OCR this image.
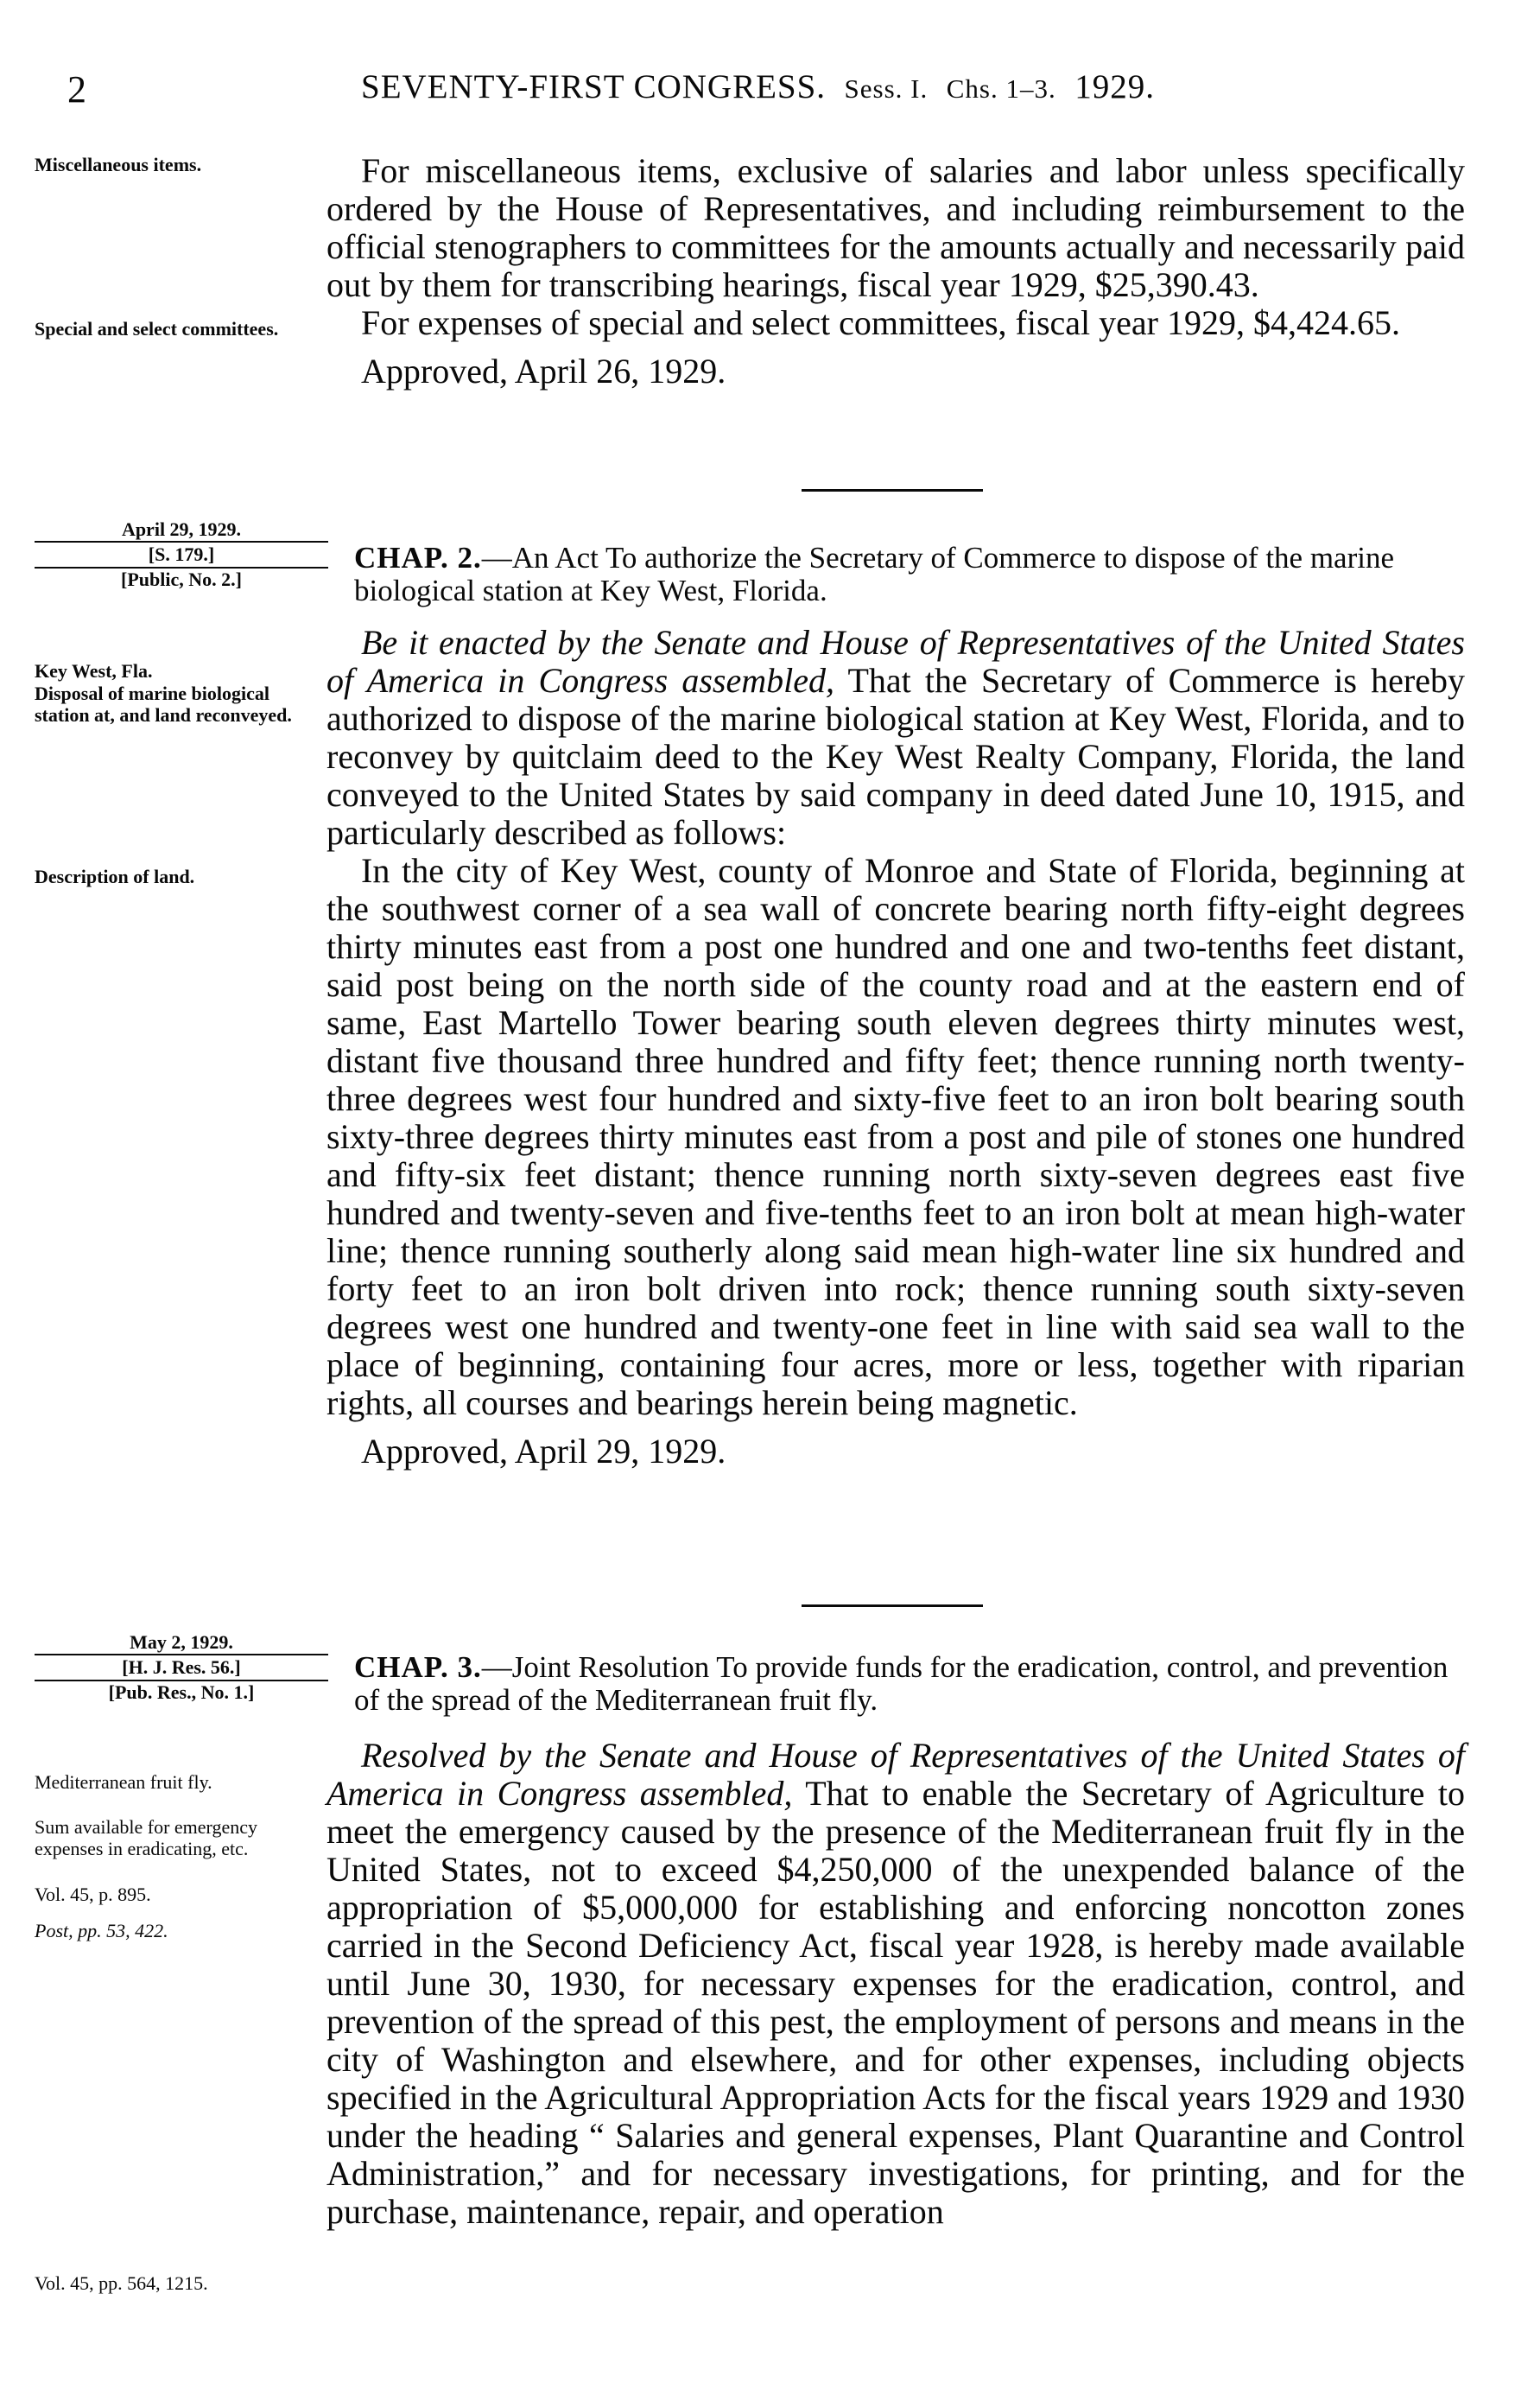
2	SEVENTY-FIRST CONGRESS. Sess. I. Chs. 1–3. 1929.
Miscellaneous items.
Special and select committees.

For miscellaneous items, exclusive of salaries and labor unless specifically ordered by the House of Representatives, and including reimbursement to the official stenographers to committees for the amounts actually and necessarily paid out by them for transcribing hearings, fiscal year 1929, $25,390.43.

For expenses of special and select committees, fiscal year 1929, $4,424.65.

Approved, April 26, 1929.

April 29, 1929.

[S. 179.]
[Public, No. 2.]

CHAP. 2.—An Act To authorize the Secretary of Commerce to dispose of the marine biological station at Key West, Florida.

Key West, Fla.
Disposal of marine biological station at, and land reconveyed.
Description of land.

Be it enacted by the Senate and House of Representatives of the United States of America in Congress assembled, That the Secretary of Commerce is hereby authorized to dispose of the marine biological station at Key West, Florida, and to reconvey by quitclaim deed to the Key West Realty Company, Florida, the land conveyed to the United States by said company in deed dated June 10, 1915, and particularly described as follows:

In the city of Key West, county of Monroe and State of Florida, beginning at the southwest corner of a sea wall of concrete bearing north fifty-eight degrees thirty minutes east from a post one hundred and one and two-tenths feet distant, said post being on the north side of the county road and at the eastern end of same, East Martello Tower bearing south eleven degrees thirty minutes west, distant five thousand three hundred and fifty feet; thence running north twenty-three degrees west four hundred and sixty-five feet to an iron bolt bearing south sixty-three degrees thirty minutes east from a post and pile of stones one hundred and fifty-six feet distant; thence running north sixty-seven degrees east five hundred and twenty-seven and five-tenths feet to an iron bolt at mean high-water line; thence running southerly along said mean high-water line six hundred and forty feet to an iron bolt driven into rock; thence running south sixty-seven degrees west one hundred and twenty-one feet in line with said sea wall to the place of beginning, containing four acres, more or less, together with riparian rights, all courses and bearings herein being magnetic.

Approved, April 29, 1929.

May 2, 1929.

[H. J. Res. 56.]
[Pub. Res., No. 1.]

CHAP. 3.—Joint Resolution To provide funds for the eradication, control, and prevention of the spread of the Mediterranean fruit fly.

Mediterranean fruit fly.
Sum available for emergency expenses in eradicating, etc.
Vol. 45, p. 895.
Post, pp. 53, 422.
Vol. 45, pp. 564, 1215.

Resolved by the Senate and House of Representatives of the United States of America in Congress assembled, That to enable the Secretary of Agriculture to meet the emergency caused by the presence of the Mediterranean fruit fly in the United States, not to exceed $4,250,000 of the unexpended balance of the appropriation of $5,000,000 for establishing and enforcing noncotton zones carried in the Second Deficiency Act, fiscal year 1928, is hereby made available until June 30, 1930, for necessary expenses for the eradication, control, and prevention of the spread of this pest, the employment of persons and means in the city of Washington and elsewhere, and for other expenses, including objects specified in the Agricultural Appropriation Acts for the fiscal years 1929 and 1930 under the heading “ Salaries and general expenses, Plant Quarantine and Control Administration,” and for necessary investigations, for printing, and for the purchase, maintenance, repair, and operation
